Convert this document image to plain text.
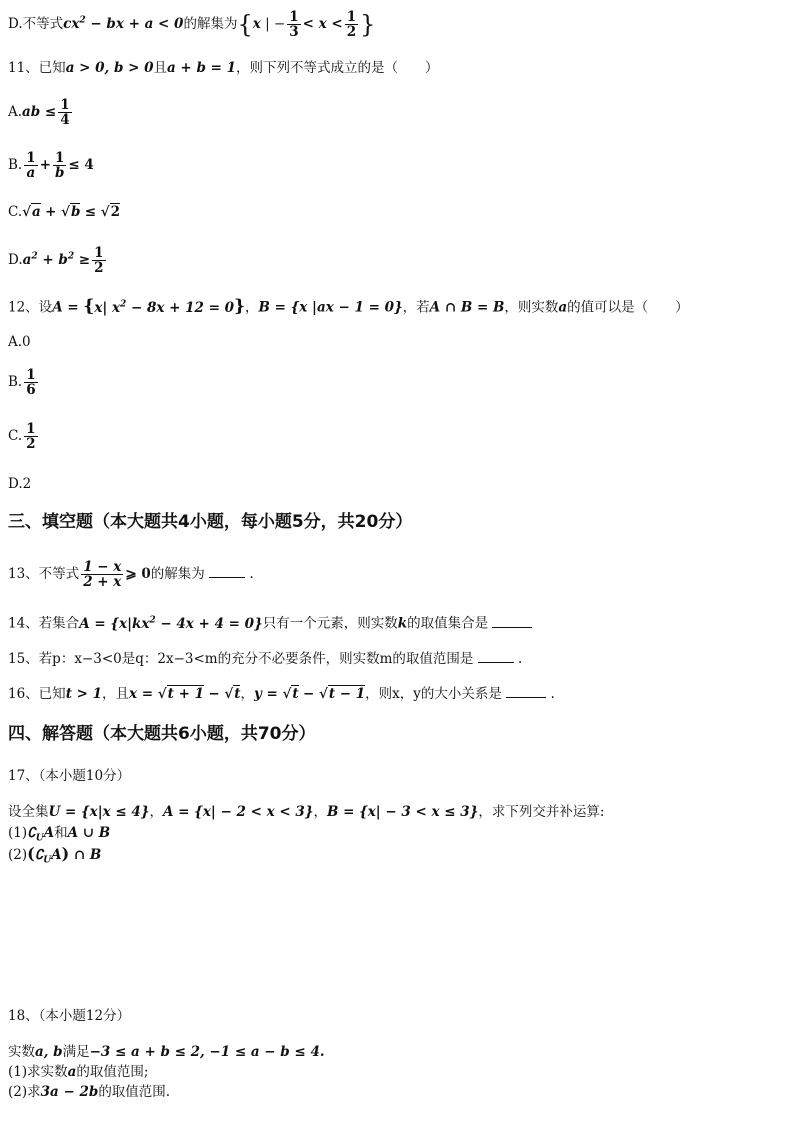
D.不等式$cx^2$ − bx + a < 0的解集为{x | − $\frac{1}{3} < x < \frac{1}{2}$ }
11、已知a > 0, b > 0且a + b = 1，则下列不等式成立的是（　　）
$A.ab \le \frac{1}{4}$
B. $\frac{1}{a} + \frac{1}{b} \le 4$
C.√a + √b ≤ √2
$D.a^2 + b^2 \ge \frac{1}{2}$
12、设A = {x| $x^2 - 8x + 12 = 0$}，B = {x |ax − 1 = 0}，若A ∩ B = B，则实数a的值可以是（　　）
A.0
B. $\frac{1}{6}$
C. $\frac{1}{2}$
D.2
三、填空题（本大题共4小题，每小题5分，共20分）
13、不等式 $\frac{1 - x}{2 + x}$ ⩾ 0的解集为	.
14、若集合$A = \{x|kx^2 - 4x + 4 = 0\}$只有一个元素，则实数k的取值集合是
15、若p：x−3<0是q：2x−3<m的充分不必要条件，则实数m的取值范围是	.
16、已知t > 1，且x = √t + 1 − √t，y = √t − √t − 1，则x，y的大小关系是	.
四、解答题（本大题共6小题，共70分）
17、（本小题10分）
设全集U = {x|x ≤ 4}，A = {x| − 2 < x < 3}，B = {x| − 3 < x ≤ 3}，求下列交并补运算:
$(1)∁_UA$和A ∪ B
$(2)(∁_UA)$ ∩ B
18、（本小题12分）
实数a, b满足−3 ≤ a + b ≤ 2, −1 ≤ a − b ≤ 4.
(1)求实数a的取值范围;
(2)求3a − 2b的取值范围.
